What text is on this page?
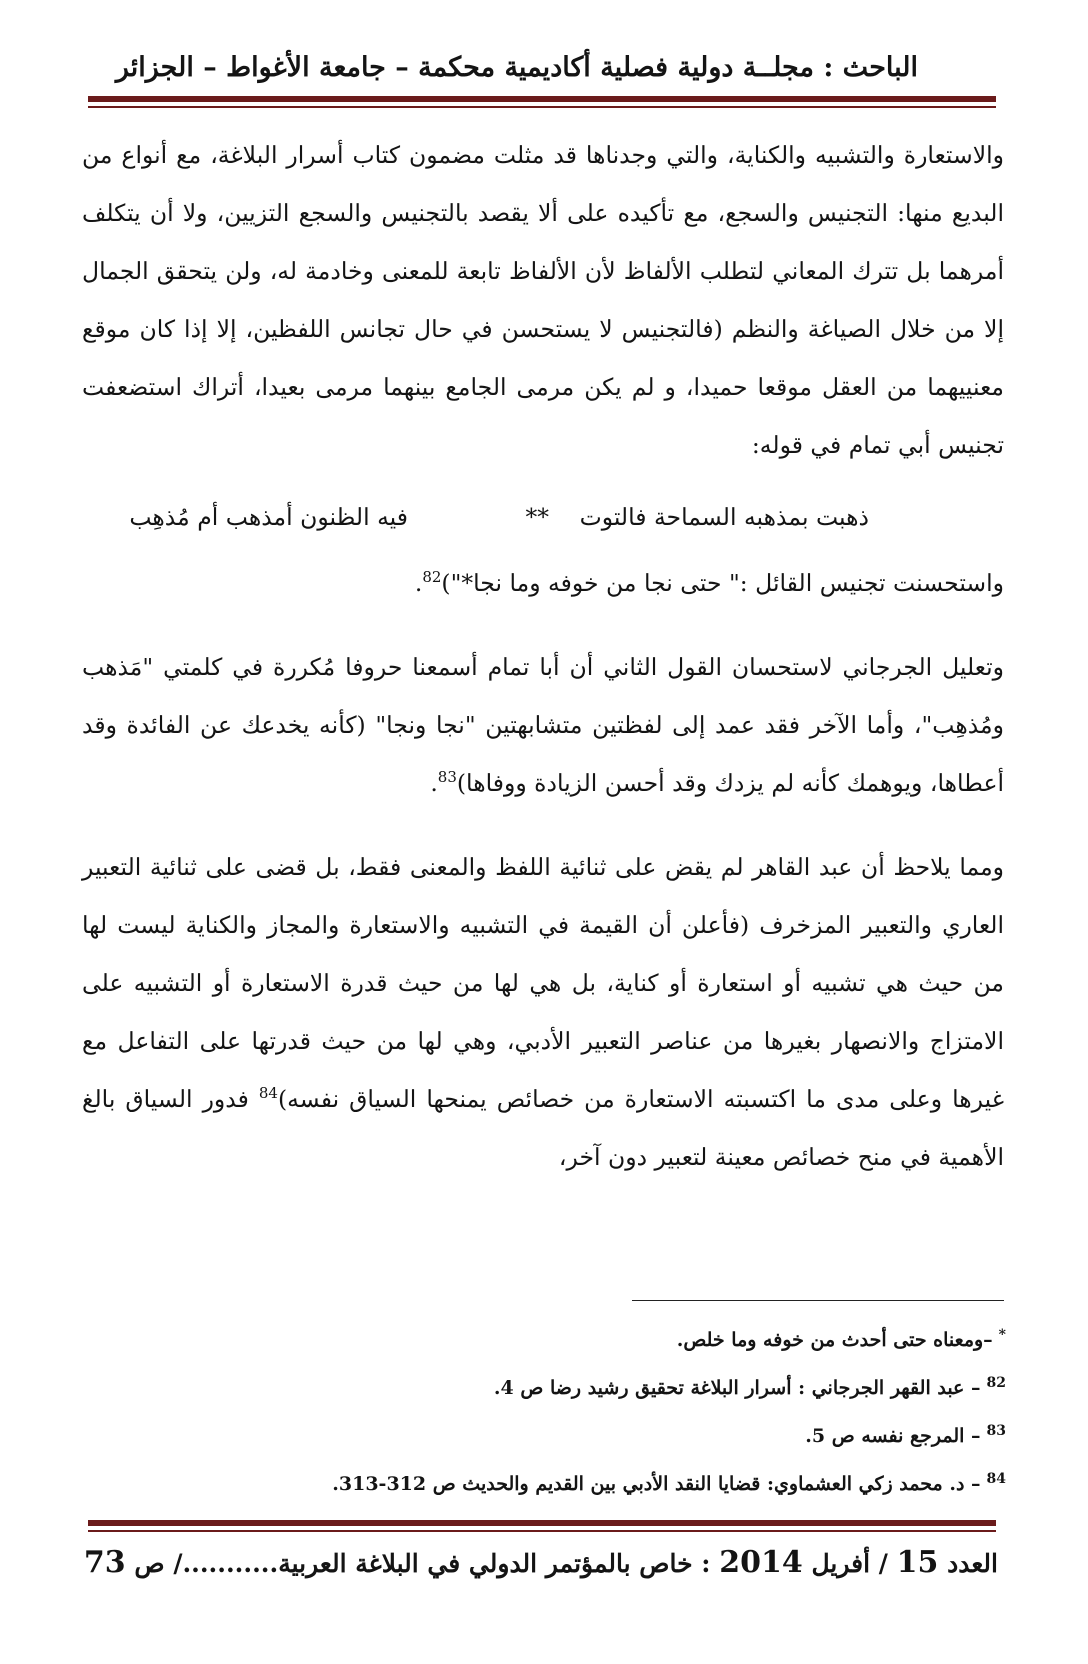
الباحث : مجلــة دولية فصلية أكاديمية محكمة – جامعة الأغواط – الجزائر

والاستعارة والتشبيه والكناية، والتي وجدناها قد مثلت مضمون كتاب أسرار البلاغة، مع أنواع من البديع منها: التجنيس والسجع، مع تأكيده على ألا يقصد بالتجنيس والسجع التزيين، ولا أن يتكلف أمرهما بل تترك المعاني لتطلب الألفاظ لأن الألفاظ تابعة للمعنى وخادمة له، ولن يتحقق الجمال إلا من خلال الصياغة والنظم (فالتجنيس لا يستحسن في حال تجانس اللفظين، إلا إذا كان موقع معنييهما من العقل موقعا حميدا، و لم يكن مرمى الجامع بينهما مرمى بعيدا، أتراك استضعفت تجنيس أبي تمام في قوله:

ذهبت بمذهبه السماحة فالتوت
**
فيه الظنون أمذهب أم مُذهِب

واستحسنت تجنيس القائل :" حتى نجا من خوفه وما نجا*")$^{82}$.

وتعليل الجرجاني لاستحسان القول الثاني أن أبا تمام أسمعنا حروفا مُكررة في كلمتي "مَذهب ومُذهِب"، وأما الآخر فقد عمد إلى لفظتين متشابهتين "نجا ونجا" (كأنه يخدعك عن الفائدة وقد أعطاها، ويوهمك كأنه لم يزدك وقد أحسن الزيادة ووفاها)$^{83}$.

ومما يلاحظ أن عبد القاهر لم يقض على ثنائية اللفظ والمعنى فقط، بل قضى على ثنائية التعبير العاري والتعبير المزخرف (فأعلن أن القيمة في التشبيه والاستعارة والمجاز والكناية ليست لها من حيث هي تشبيه أو استعارة أو كناية، بل هي لها من حيث قدرة الاستعارة أو التشبيه على الامتزاج والانصهار بغيرها من عناصر التعبير الأدبي، وهي لها من حيث قدرتها على التفاعل مع غيرها وعلى مدى ما اكتسبته الاستعارة من خصائص يمنحها السياق نفسه)$^{84}$ فدور السياق بالغ الأهمية في منح خصائص معينة لتعبير دون آخر،

*–ومعناه حتى أحدث من خوفه وما خلص.
$^{82}$– عبد القهر الجرجاني : أسرار البلاغة تحقيق رشيد رضا ص 4.
$^{83}$– المرجع نفسه ص 5.
$^{84}$– د. محمد زكي العشماوي: قضايا النقد الأدبي بين القديم والحديث ص 312-313.
العدد 15 / أفريل 2014 : خاص بالمؤتمر الدولي في البلاغة العربية.........../ ص 73
